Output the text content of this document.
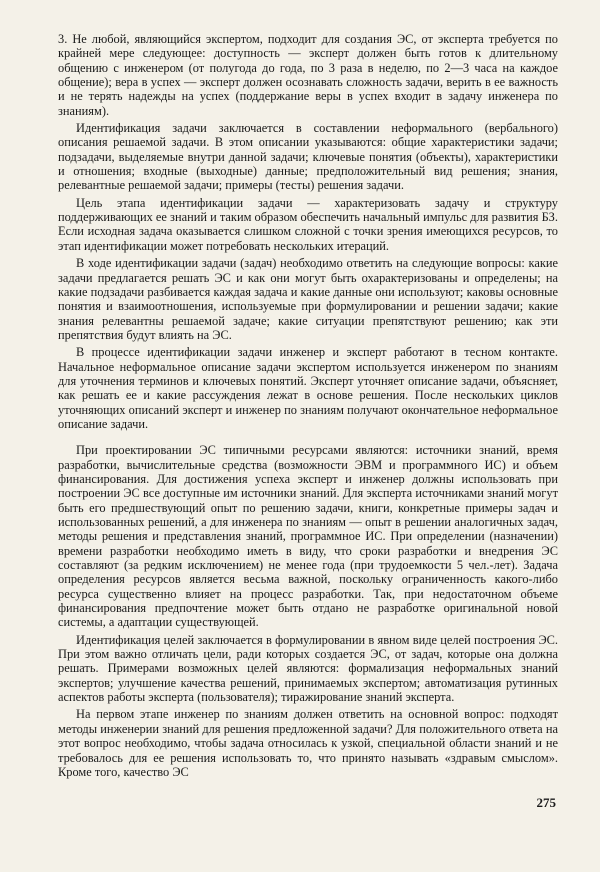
3. Не любой, являющийся экспертом, подходит для создания ЭС, от эксперта требуется по крайней мере следующее: доступность — эксперт должен быть готов к длительному общению с инженером (от полугода до года, по 3 раза в неделю, по 2—3 часа на каждое общение); вера в успех — эксперт должен осознавать сложность задачи, верить в ее важность и не терять надежды на успех (поддержание веры в успех входит в задачу инженера по знаниям).

Идентификация задачи заключается в составлении неформального (вербального) описания решаемой задачи. В этом описании указываются: общие характеристики задачи; подзадачи, выделяемые внутри данной задачи; ключевые понятия (объекты), характеристики и отношения; входные (выходные) данные; предположительный вид решения; знания, релевантные решаемой задачи; примеры (тесты) решения задачи.

Цель этапа идентификации задачи — характеризовать задачу и структуру поддерживающих ее знаний и таким образом обеспечить начальный импульс для развития БЗ. Если исходная задача оказывается слишком сложной с точки зрения имеющихся ресурсов, то этап идентификации может потребовать нескольких итераций.

В ходе идентификации задачи (задач) необходимо ответить на следующие вопросы: какие задачи предлагается решать ЭС и как они могут быть охарактеризованы и определены; на какие подзадачи разбивается каждая задача и какие данные они используют; каковы основные понятия и взаимоотношения, используемые при формулировании и решении задачи; какие знания релевантны решаемой задаче; какие ситуации препятствуют решению; как эти препятствия будут влиять на ЭС.

В процессе идентификации задачи инженер и эксперт работают в тесном контакте. Начальное неформальное описание задачи экспертом используется инженером по знаниям для уточнения терминов и ключевых понятий. Эксперт уточняет описание задачи, объясняет, как решать ее и какие рассуждения лежат в основе решения. После нескольких циклов уточняющих описаний эксперт и инженер по знаниям получают окончательное неформальное описание задачи.

При проектировании ЭС типичными ресурсами являются: источники знаний, время разработки, вычислительные средства (возможности ЭВМ и программного ИС) и объем финансирования. Для достижения успеха эксперт и инженер должны использовать при построении ЭС все доступные им источники знаний. Для эксперта источниками знаний могут быть его предшествующий опыт по решению задачи, книги, конкретные примеры задач и использованных решений, а для инженера по знаниям — опыт в решении аналогичных задач, методы решения и представления знаний, программное ИС. При определении (назначении) времени разработки необходимо иметь в виду, что сроки разработки и внедрения ЭС составляют (за редким исключением) не менее года (при трудоемкости 5 чел.-лет). Задача определения ресурсов является весьма важной, поскольку ограниченность какого-либо ресурса существенно влияет на процесс разработки. Так, при недостаточном объеме финансирования предпочтение может быть отдано не разработке оригинальной новой системы, а адаптации существующей.

Идентификация целей заключается в формулировании в явном виде целей построения ЭС. При этом важно отличать цели, ради которых создается ЭС, от задач, которые она должна решать. Примерами возможных целей являются: формализация неформальных знаний экспертов; улучшение качества решений, принимаемых экспертом; автоматизация рутинных аспектов работы эксперта (пользователя); тиражирование знаний эксперта.

На первом этапе инженер по знаниям должен ответить на основной вопрос: подходят методы инженерии знаний для решения предложенной задачи? Для положительного ответа на этот вопрос необходимо, чтобы задача относилась к узкой, специальной области знаний и не требовалось для ее решения использовать то, что принято называть «здравым смыслом». Кроме того, качество ЭС

275
